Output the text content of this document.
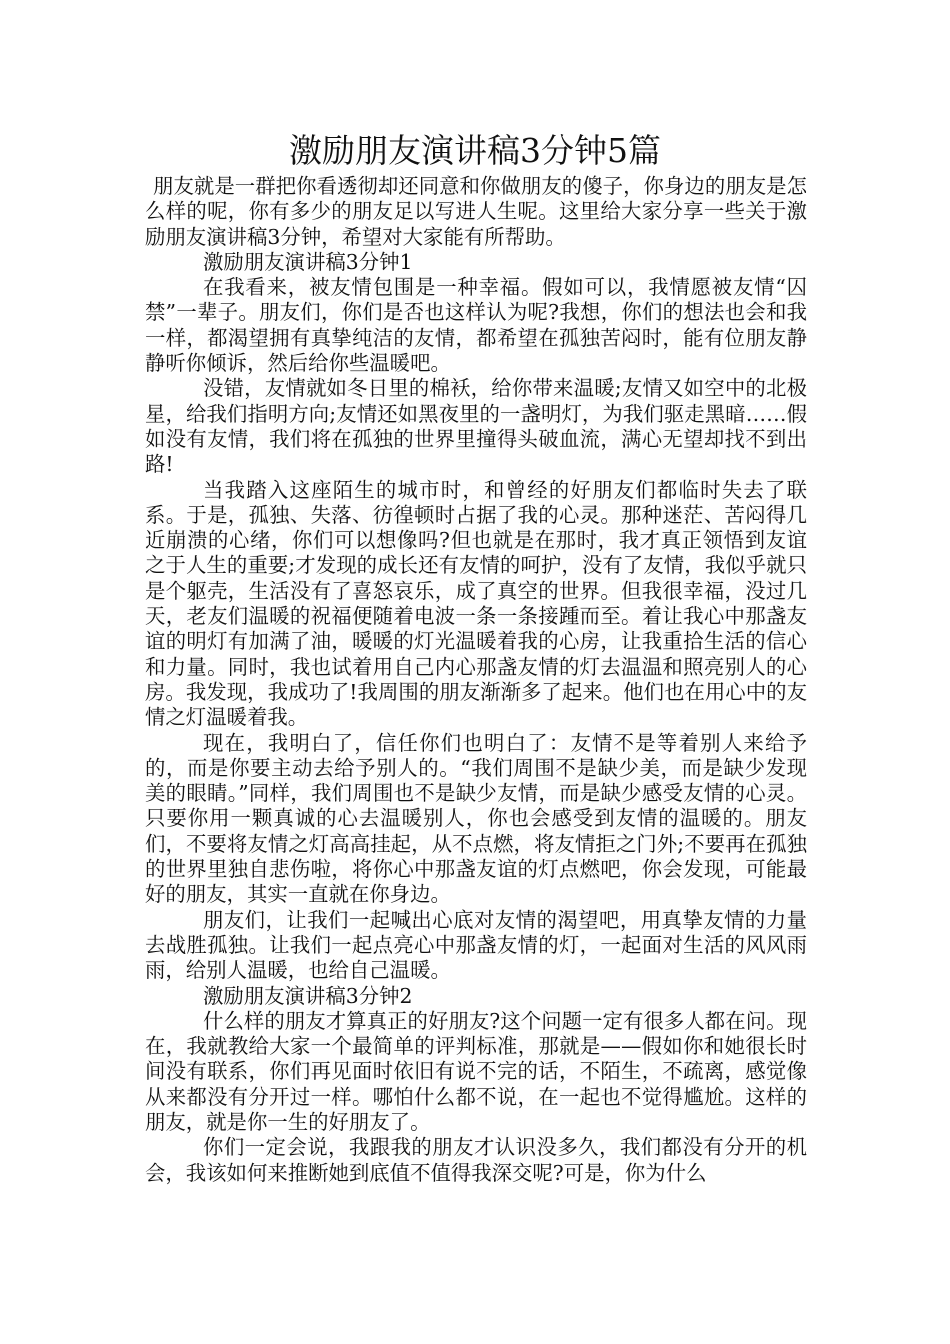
激励朋友演讲稿3分钟5篇

朋友就是一群把你看透彻却还同意和你做朋友的傻子，你身边的朋友是怎么样的呢，你有多少的朋友足以写进人生呢。这里给大家分享一些关于激励朋友演讲稿3分钟，希望对大家能有所帮助。

激励朋友演讲稿3分钟1

在我看来，被友情包围是一种幸福。假如可以，我情愿被友情“囚禁”一辈子。朋友们，你们是否也这样认为呢?我想，你们的想法也会和我一样，都渴望拥有真挚纯洁的友情，都希望在孤独苦闷时，能有位朋友静静听你倾诉，然后给你些温暖吧。

没错，友情就如冬日里的棉袄，给你带来温暖;友情又如空中的北极星，给我们指明方向;友情还如黑夜里的一盏明灯，为我们驱走黑暗……假如没有友情，我们将在孤独的世界里撞得头破血流，满心无望却找不到出路!

当我踏入这座陌生的城市时，和曾经的好朋友们都临时失去了联系。于是，孤独、失落、彷徨顿时占据了我的心灵。那种迷茫、苦闷得几近崩溃的心绪，你们可以想像吗?但也就是在那时，我才真正领悟到友谊之于人生的重要;才发现的成长还有友情的呵护，没有了友情，我似乎就只是个躯壳，生活没有了喜怒哀乐，成了真空的世界。但我很幸福，没过几天，老友们温暖的祝福便随着电波一条一条接踵而至。着让我心中那盏友谊的明灯有加满了油，暖暖的灯光温暖着我的心房，让我重拾生活的信心和力量。同时，我也试着用自己内心那盏友情的灯去温温和照亮别人的心房。我发现，我成功了!我周围的朋友渐渐多了起来。他们也在用心中的友情之灯温暖着我。

现在，我明白了，信任你们也明白了：友情不是等着别人来给予的，而是你要主动去给予别人的。“我们周围不是缺少美，而是缺少发现美的眼睛。”同样，我们周围也不是缺少友情，而是缺少感受友情的心灵。只要你用一颗真诚的心去温暖别人，你也会感受到友情的温暖的。朋友们，不要将友情之灯高高挂起，从不点燃，将友情拒之门外;不要再在孤独的世界里独自悲伤啦，将你心中那盏友谊的灯点燃吧，你会发现，可能最好的朋友，其实一直就在你身边。

朋友们，让我们一起喊出心底对友情的渴望吧，用真挚友情的力量去战胜孤独。让我们一起点亮心中那盏友情的灯，一起面对生活的风风雨雨，给别人温暖，也给自己温暖。

激励朋友演讲稿3分钟2

什么样的朋友才算真正的好朋友?这个问题一定有很多人都在问。现在，我就教给大家一个最简单的评判标准，那就是——假如你和她很长时间没有联系，你们再见面时依旧有说不完的话，不陌生，不疏离，感觉像从来都没有分开过一样。哪怕什么都不说，在一起也不觉得尴尬。这样的朋友，就是你一生的好朋友了。

你们一定会说，我跟我的朋友才认识没多久，我们都没有分开的机会，我该如何来推断她到底值不值得我深交呢?可是，你为什么
